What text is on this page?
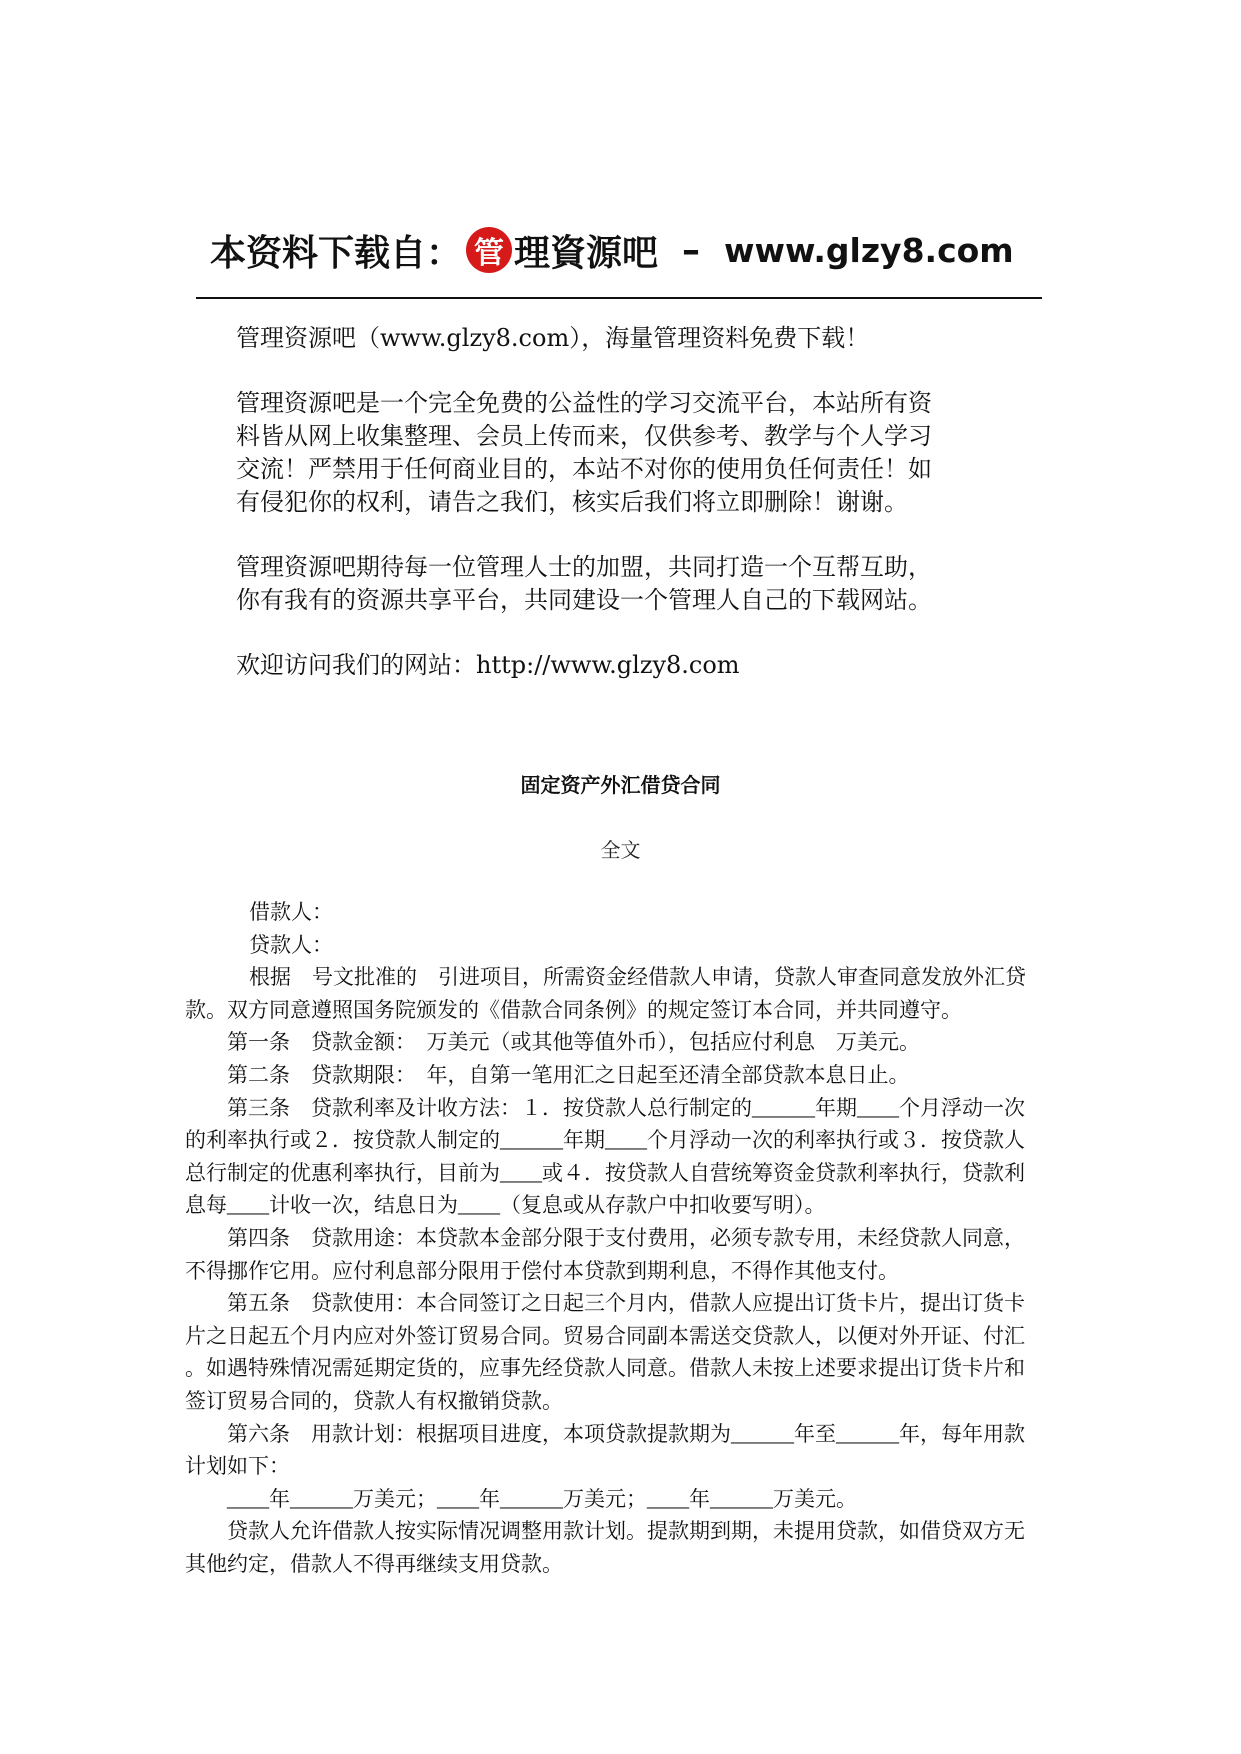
本资料下载自： 管 理資源吧 – www.glzy8.com
管理资源吧（www.glzy8.com），海量管理资料免费下载！
管理资源吧是一个完全免费的公益性的学习交流平台，本站所有资
料皆从网上收集整理、会员上传而来，仅供参考、教学与个人学习
交流！严禁用于任何商业目的，本站不对你的使用负任何责任！如
有侵犯你的权利，请告之我们，核实后我们将立即删除！谢谢。
管理资源吧期待每一位管理人士的加盟，共同打造一个互帮互助，
你有我有的资源共享平台，共同建设一个管理人自己的下载网站。
欢迎访问我们的网站：http://www.glzy8.com
固定资产外汇借贷合同
全文
借款人：
贷款人：
根据　号文批准的　引进项目，所需资金经借款人申请，贷款人审查同意发放外汇贷
款。双方同意遵照国务院颁发的《借款合同条例》的规定签订本合同，并共同遵守。
第一条　贷款金额：　万美元（或其他等值外币），包括应付利息　万美元。
第二条　贷款期限：　年，自第一笔用汇之日起至还清全部贷款本息日止。
第三条　贷款利率及计收方法：１．按贷款人总行制定的______年期____个月浮动一次
的利率执行或２．按贷款人制定的______年期____个月浮动一次的利率执行或３．按贷款人
总行制定的优惠利率执行，目前为____或４．按贷款人自营统筹资金贷款利率执行，贷款利
息每____计收一次，结息日为____（复息或从存款户中扣收要写明）。
第四条　贷款用途：本贷款本金部分限于支付费用，必须专款专用，未经贷款人同意，
不得挪作它用。应付利息部分限用于偿付本贷款到期利息，不得作其他支付。
第五条　贷款使用：本合同签订之日起三个月内，借款人应提出订货卡片，提出订货卡
片之日起五个月内应对外签订贸易合同。贸易合同副本需送交贷款人，以便对外开证、付汇
。如遇特殊情况需延期定货的，应事先经贷款人同意。借款人未按上述要求提出订货卡片和
签订贸易合同的，贷款人有权撤销贷款。
第六条　用款计划：根据项目进度，本项贷款提款期为______年至______年，每年用款
计划如下：
____年______万美元；____年______万美元；____年______万美元。
贷款人允许借款人按实际情况调整用款计划。提款期到期，未提用贷款，如借贷双方无
其他约定，借款人不得再继续支用贷款。
